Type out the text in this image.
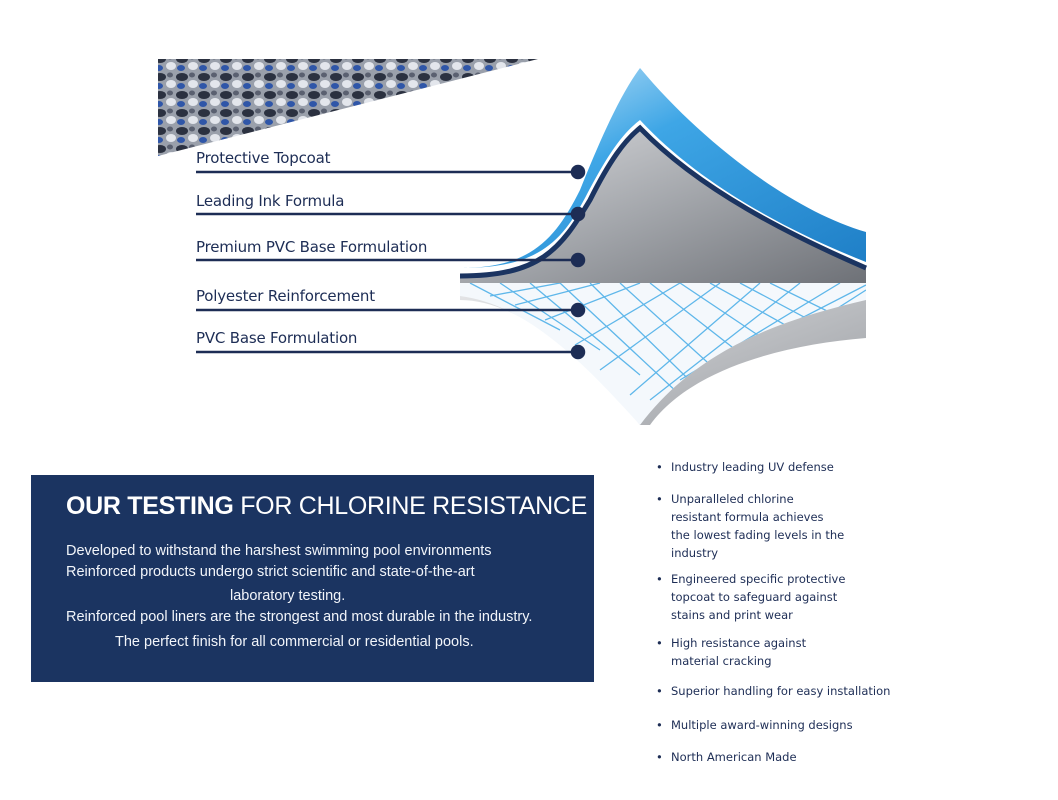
Protective Topcoat
Leading Ink Formula
Premium PVC Base Formulation
Polyester Reinforcement
PVC Base Formulation
OUR TESTING FOR CHLORINE RESISTANCE
Developed to withstand the harshest swimming pool environments
Reinforced products undergo strict scientific and state-of-the-art
laboratory testing.
Reinforced pool liners are the strongest and most durable in the industry.
The perfect finish for all commercial or residential pools.
• Industry leading UV defense
• Unparalleled chlorine
resistant formula achieves
the lowest fading levels in the
industry
• Engineered specific protective
topcoat to safeguard against
stains and print wear
• High resistance against
material cracking
• Superior handling for easy installation
• Multiple award-winning designs
• North American Made
